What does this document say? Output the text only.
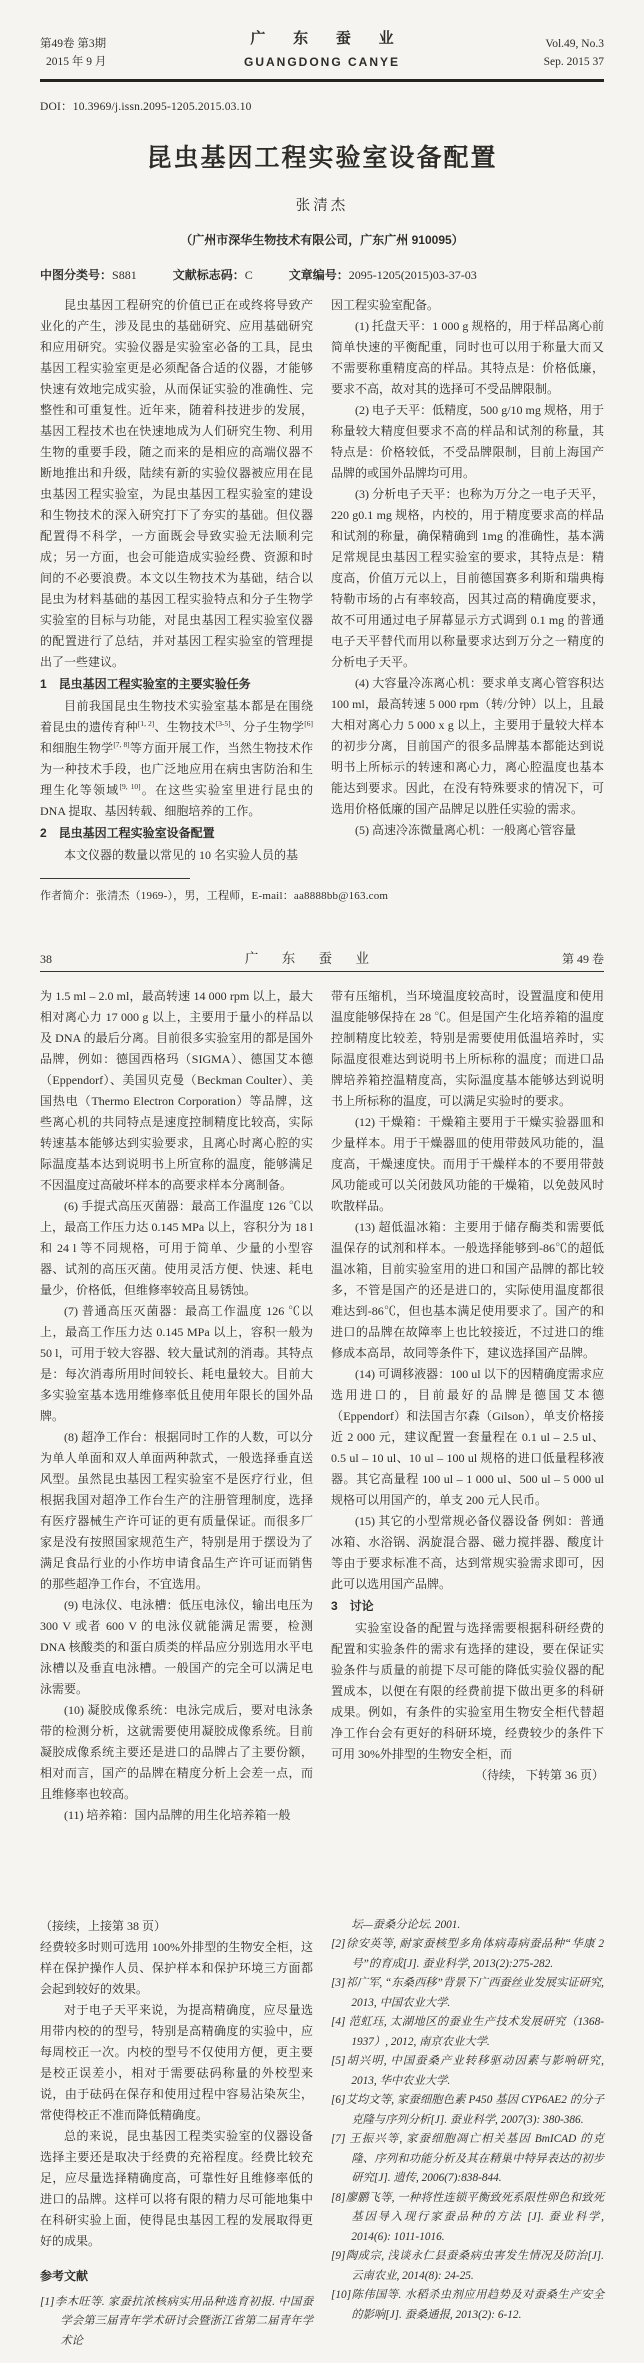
第49卷 第3期
2015 年 9 月
广 东 蚕 业
GUANGDONG CANYE
Vol.49, No.3
Sep. 2015 37
DOI：10.3969/j.issn.2095-1205.2015.03.10
昆虫基因工程实验室设备配置
张清杰
（广州市深华生物技术有限公司，广东广州 910095）
中图分类号：S881	文献标志码：C	文章编号：2095-1205(2015)03-37-03

昆虫基因工程研究的价值已正在或终将导致产业化的产生，涉及昆虫的基础研究、应用基础研究和应用研究。实验仪器是实验室必备的工具，昆虫基因工程实验室更是必须配备合适的仪器，才能够快速有效地完成实验，从而保证实验的准确性、完整性和可重复性。近年来，随着科技进步的发展，基因工程技术也在快速地成为人们研究生物、利用生物的重要手段，随之而来的是相应的高端仪器不断地推出和升级，陆续有新的实验仪器被应用在昆虫基因工程实验室，为昆虫基因工程实验室的建设和生物技术的深入研究打下了夯实的基础。但仪器配置得不科学，一方面既会导致实验无法顺利完成；另一方面，也会可能造成实验经费、资源和时间的不必要浪费。本文以生物技术为基础，结合以昆虫为材料基础的基因工程实验特点和分子生物学实验室的目标与功能，对昆虫基因工程实验室仪器的配置进行了总结，并对基因工程实验室的管理提出了一些建议。

1　昆虫基因工程实验室的主要实验任务

目前我国昆虫生物技术实验室基本都是在围绕着昆虫的遗传育种[1, 2]、生物技术[3-5]、分子生物学[6]和细胞生物学[7, 8]等方面开展工作，当然生物技术作为一种技术手段，也广泛地应用在病虫害防治和生理生化等领域[9, 10]。在这些实验室里进行昆虫的 DNA 提取、基因转载、细胞培养的工作。

2　昆虫基因工程实验室设备配置

本文仪器的数量以常见的 10 名实验人员的基

因工程实验室配备。

(1) 托盘天平：1 000 g 规格的，用于样品离心前简单快速的平衡配重，同时也可以用于称量大而又不需要称重精度高的样品。其特点是：价格低廉，要求不高，故对其的选择可不受品牌限制。

(2) 电子天平：低精度，500 g/10 mg 规格，用于称量较大精度但要求不高的样品和试剂的称量，其特点是：价格较低，不受品牌限制，目前上海国产品牌的或国外品牌均可用。

(3) 分析电子天平：也称为万分之一电子天平，220 g0.1 mg 规格，内校的，用于精度要求高的样品和试剂的称量，确保精确到 1mg 的准确性，基本满足常规昆虫基因工程实验室的要求，其特点是：精度高，价值万元以上，目前德国赛多利斯和瑞典梅特勒市场的占有率较高，因其过高的精确度要求，故不可用通过电子屏幕显示方式调到 0.1 mg 的普通电子天平替代而用以称量要求达到万分之一精度的分析电子天平。

(4) 大容量冷冻离心机：要求单支离心管容积达 100 ml，最高转速 5 000 rpm（转/分钟）以上，且最大相对离心力 5 000 x g 以上，主要用于量较大样本的初步分离，目前国产的很多品牌基本都能达到说明书上所标示的转速和离心力，离心腔温度也基本能达到要求。因此，在没有特殊要求的情况下，可选用价格低廉的国产品牌足以胜任实验的需求。

(5) 高速冷冻微量离心机：一般离心管容量

作者简介：张清杰（1969-），男，工程师，E-mail：aa8888bb@163.com
38	广 东 蚕 业	第 49 卷

为 1.5 ml – 2.0 ml，最高转速 14 000 rpm 以上，最大相对离心力 17 000 g 以上，主要用于量小的样品以及 DNA 的最后分离。目前很多实验室用的都是国外品牌，例如：德国西格玛（SIGMA）、德国艾本德（Eppendorf）、美国贝克曼（Beckman Coulter）、美国热电（Thermo Electron Corporation）等品牌，这些离心机的共同特点是速度控制精度比较高，实际转速基本能够达到实验要求，且离心时离心腔的实际温度基本达到说明书上所宣称的温度，能够满足不因温度过高破坏样本的高要求样本分离制备。

(6) 手提式高压灭菌器：最高工作温度 126 ℃以上，最高工作压力达 0.145 MPa 以上，容积分为 18 l 和 24 l 等不同规格，可用于简单、少量的小型容器、试剂的高压灭菌。使用灵活方便、快速、耗电量少，价格低，但维修率较高且易锈蚀。

(7) 普通高压灭菌器：最高工作温度 126 ℃以上，最高工作压力达 0.145 MPa 以上，容积一般为 50 l，可用于较大容器、较大量试剂的消毒。其特点是：每次消毒所用时间较长、耗电量较大。目前大多实验室基本选用维修率低且使用年限长的国外品牌。

(8) 超净工作台：根据同时工作的人数，可以分为单人单面和双人单面两种款式，一般选择垂直送风型。虽然昆虫基因工程实验室不是医疗行业，但根据我国对超净工作台生产的注册管理制度，选择有医疗器械生产许可证的更有质量保证。而很多厂家是没有按照国家规范生产，特别是用于摆设为了满足食品行业的小作坊申请食品生产许可证而销售的那些超净工作台，不宜选用。

(9) 电泳仪、电泳槽：低压电泳仪，输出电压为 300 V 或者 600 V 的电泳仪就能满足需要，检测 DNA 核酸类的和蛋白质类的样品应分别选用水平电泳槽以及垂直电泳槽。一般国产的完全可以满足电泳需要。

(10) 凝胶成像系统：电泳完成后，要对电泳条带的检测分析，这就需要使用凝胶成像系统。目前凝胶成像系统主要还是进口的品牌占了主要份额，相对而言，国产的品牌在精度分析上会差一点，而且维修率也较高。

(11) 培养箱：国内品牌的用生化培养箱一般

带有压缩机，当环境温度较高时，设置温度和使用温度能够保持在 28 ℃。但是国产生化培养箱的温度控制精度比较差，特别是需要使用低温培养时，实际温度很难达到说明书上所标称的温度；而进口品牌培养箱控温精度高，实际温度基本能够达到说明书上所标称的温度，可以满足实验时的要求。

(12) 干燥箱：干燥箱主要用于干燥实验器皿和少量样本。用于干燥器皿的使用带鼓风功能的，温度高，干燥速度快。而用于干燥样本的不要用带鼓风功能或可以关闭鼓风功能的干燥箱，以免鼓风时吹散样品。

(13) 超低温冰箱：主要用于储存酶类和需要低温保存的试剂和样本。一般选择能够到-86℃的超低温冰箱，目前实验室用的进口和国产品牌的都比较多，不管是国产的还是进口的，实际使用温度都很难达到-86℃，但也基本满足使用要求了。国产的和进口的品牌在故障率上也比较接近，不过进口的维修成本高昂，故同等条件下，建议选择国产品牌。

(14) 可调移液器：100 ul 以下的因精确度需求应选用进口的，目前最好的品牌是德国艾本德（Eppendorf）和法国吉尔森（Gilson），单支价格接近 2 000 元，建议配置一套量程在 0.1 ul – 2.5 ul、0.5 ul – 10 ul、10 ul – 100 ul 规格的进口低量程移液器。其它高量程 100 ul – 1 000 ul、500 ul – 5 000 ul 规格可以用国产的，单支 200 元人民币。

(15) 其它的小型常规必备仪器设备 例如：普通冰箱、水浴锅、涡旋混合器、磁力搅拌器、酸度计等由于要求标准不高，达到常规实验需求即可，因此可以选用国产品牌。

3　讨论

实验室设备的配置与选择需要根据科研经费的配置和实验条件的需求有选择的建设，要在保证实验条件与质量的前提下尽可能的降低实验仪器的配置成本，以便在有限的经费前提下做出更多的科研成果。例如，有条件的实验室用生物安全柜代替超净工作台会有更好的科研环境，经费较少的条件下可用 30%外排型的生物安全柜，而

（待续， 下转第 36 页）

（接续，上接第 38 页）

经费较多时则可选用 100%外排型的生物安全柜，这样在保护操作人员、保护样本和保护环境三方面都会起到较好的效果。

对于电子天平来说，为提高精确度，应尽量选用带内校的的型号，特别是高精确度的实验中，应每周校正一次。内校的型号不仅使用方便，更主要是校正误差小，相对于需要砝码称量的外校型来说，由于砝码在保存和使用过程中容易沾染灰尘，常使得校正不准而降低精确度。

总的来说，昆虫基因工程类实验室的仪器设备选择主要还是取决于经费的充裕程度。经费比较充足，应尽量选择精确度高，可靠性好且维修率低的进口的品牌。这样可以将有限的精力尽可能地集中在科研实验上面，使得昆虫基因工程的发展取得更好的成果。

参考文献

[1]李木旺等. 家蚕抗浓核病实用品种选育初报. 中国蚕学会第三届青年学术研讨会暨浙江省第二届青年学术论

坛—蚕桑分论坛. 2001.

[2]徐安英等, 耐家蚕核型多角体病毒病蚕品种“华康 2 号”的育成[J]. 蚕业科学, 2013(2):275-282.

[3]祁广军, “东桑西移”背景下广西蚕丝业发展实证研究, 2013, 中国农业大学.

[4] 范虹珏, 太湖地区的蚕业生产技术发展研究（1368-1937）, 2012, 南京农业大学.

[5]胡兴明, 中国蚕桑产业转移驱动因素与影响研究, 2013, 华中农业大学.

[6]艾均文等, 家蚕细胞色素 P450 基因 CYP6AE2 的分子克隆与序列分析[J]. 蚕业科学, 2007(3): 380-386.

[7] 王振兴等, 家蚕细胞凋亡相关基因 BmICAD 的克隆、序列和功能分析及其在精巢中特异表达的初步研究[J]. 遗传, 2006(7):838-844.

[8]廖鹏飞等, 一种将性连锁平衡致死系限性卵色和致死基因导入现行家蚕品种的方法 [J]. 蚕业科学, 2014(6): 1011-1016.

[9]陶成宗, 浅谈永仁县蚕桑病虫害发生情况及防治[J]. 云南农业, 2014(8): 24-25.

[10]陈伟国等. 水稻杀虫剂应用趋势及对蚕桑生产安全的影响[J]. 蚕桑通报, 2013(2): 6-12.
